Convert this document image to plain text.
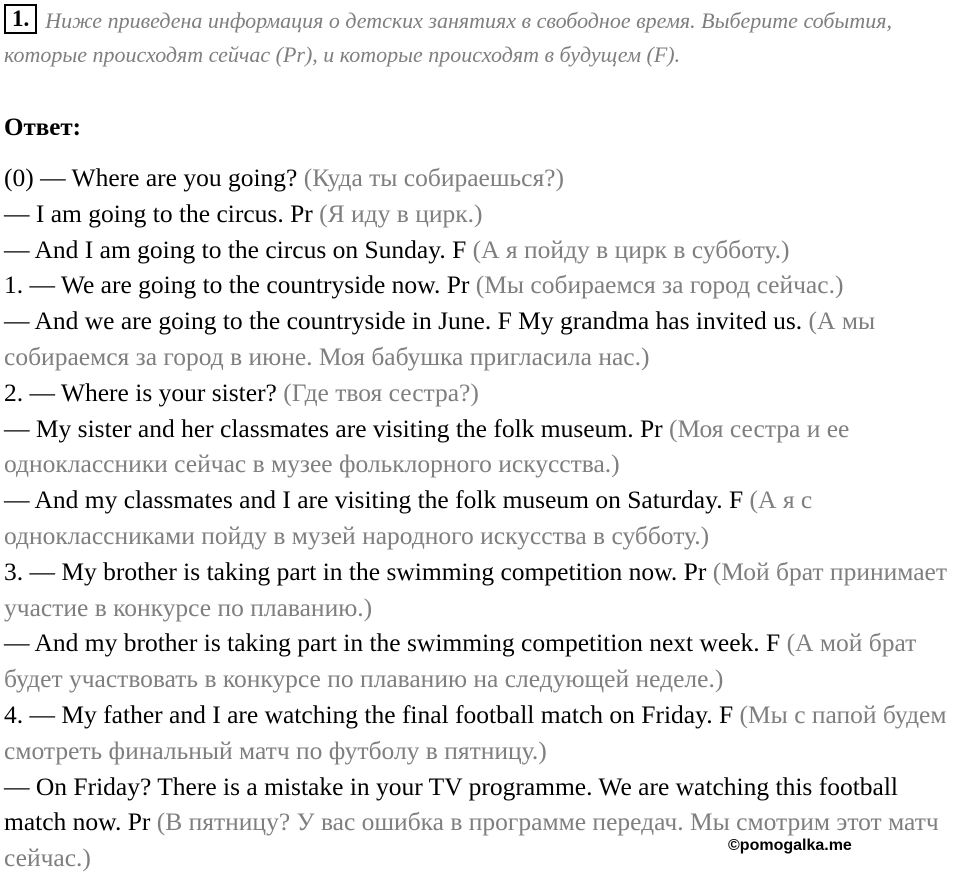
1. Ниже приведена информация о детских занятиях в свободное время. Выберите события, которые происходят сейчас (Pr), и которые происходят в будущем (F).
Ответ:

(0) — Where are you going? (Куда ты собираешься?)

— I am going to the circus. Pr (Я иду в цирк.)

— And I am going to the circus on Sunday. F (А я пойду в цирк в субботу.)

1. — We are going to the countryside now. Pr (Мы собираемся за город сейчас.)

— And we are going to the countryside in June. F My grandma has invited us. (А мы собираемся за город в июне. Моя бабушка пригласила нас.)

2. — Where is your sister? (Где твоя сестра?)

— My sister and her classmates are visiting the folk museum. Pr (Моя сестра и ее одноклассники сейчас в музее фольклорного искусства.)

— And my classmates and I are visiting the folk museum on Saturday. F (А я с одноклассниками пойду в музей народного искусства в субботу.)

3. — My brother is taking part in the swimming competition now. Pr (Мой брат принимает участие в конкурсе по плаванию.)

— And my brother is taking part in the swimming competition next week. F (А мой брат будет участвовать в конкурсе по плаванию на следующей неделе.)

4. — My father and I are watching the final football match on Friday. F (Мы с папой будем смотреть финальный матч по футболу в пятницу.)

— On Friday? There is a mistake in your TV programme. We are watching this football match now. Pr (В пятницу? У вас ошибка в программе передач. Мы смотрим этот матч сейчас.)	©pomogalka.me
